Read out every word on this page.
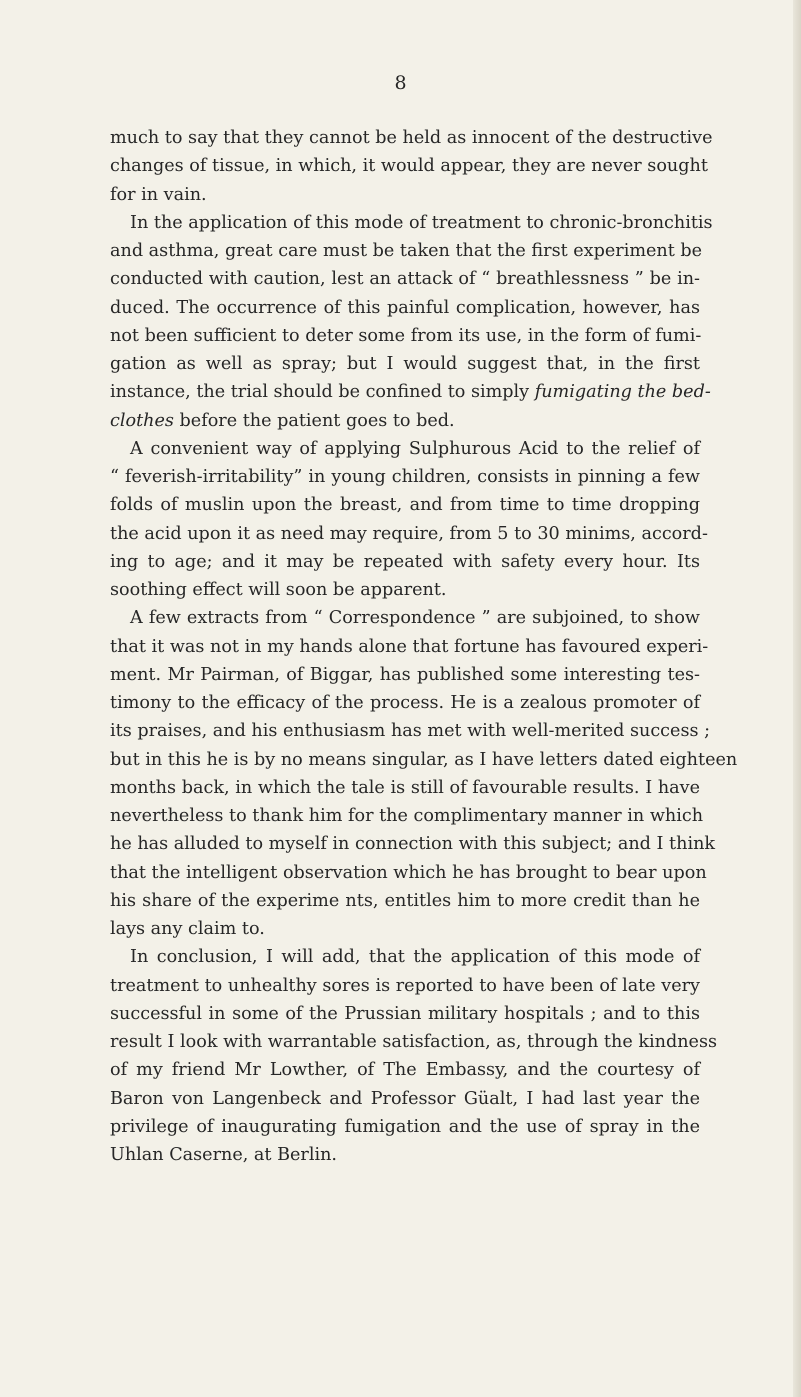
8
much to say that they cannot be held as innocent of the destructive
changes of tissue, in which, it would appear, they are never sought
for in vain.
In the application of this mode of treatment to chronic-bronchitis
and asthma, great care must be taken that the first experiment be
conducted with caution, lest an attack of “ breathlessness ” be in-
duced. The occurrence of this painful complication, however, has
not been sufficient to deter some from its use, in the form of fumi-
gation as well as spray; but I would suggest that, in the first
instance, the trial should be confined to simply fumigating the bed-
clothes before the patient goes to bed.
A convenient way of applying Sulphurous Acid to the relief of
“ feverish-irritability” in young children, consists in pinning a few
folds of muslin upon the breast, and from time to time dropping
the acid upon it as need may require, from 5 to 30 minims, accord-
ing to age; and it may be repeated with safety every hour. Its
soothing effect will soon be apparent.
A few extracts from “ Correspondence ” are subjoined, to show
that it was not in my hands alone that fortune has favoured experi-
ment. Mr Pairman, of Biggar, has published some interesting tes-
timony to the efficacy of the process. He is a zealous promoter of
its praises, and his enthusiasm has met with well-merited success ;
but in this he is by no means singular, as I have letters dated eighteen
months back, in which the tale is still of favourable results. I have
nevertheless to thank him for the complimentary manner in which
he has alluded to myself in connection with this subject; and I think
that the intelligent observation which he has brought to bear upon
his share of the experime nts, entitles him to more credit than he
lays any claim to.
In conclusion, I will add, that the application of this mode of
treatment to unhealthy sores is reported to have been of late very
successful in some of the Prussian military hospitals ; and to this
result I look with warrantable satisfaction, as, through the kindness
of my friend Mr Lowther, of The Embassy, and the courtesy of
Baron von Langenbeck and Professor Güalt, I had last year the
privilege of inaugurating fumigation and the use of spray in the
Uhlan Caserne, at Berlin.
